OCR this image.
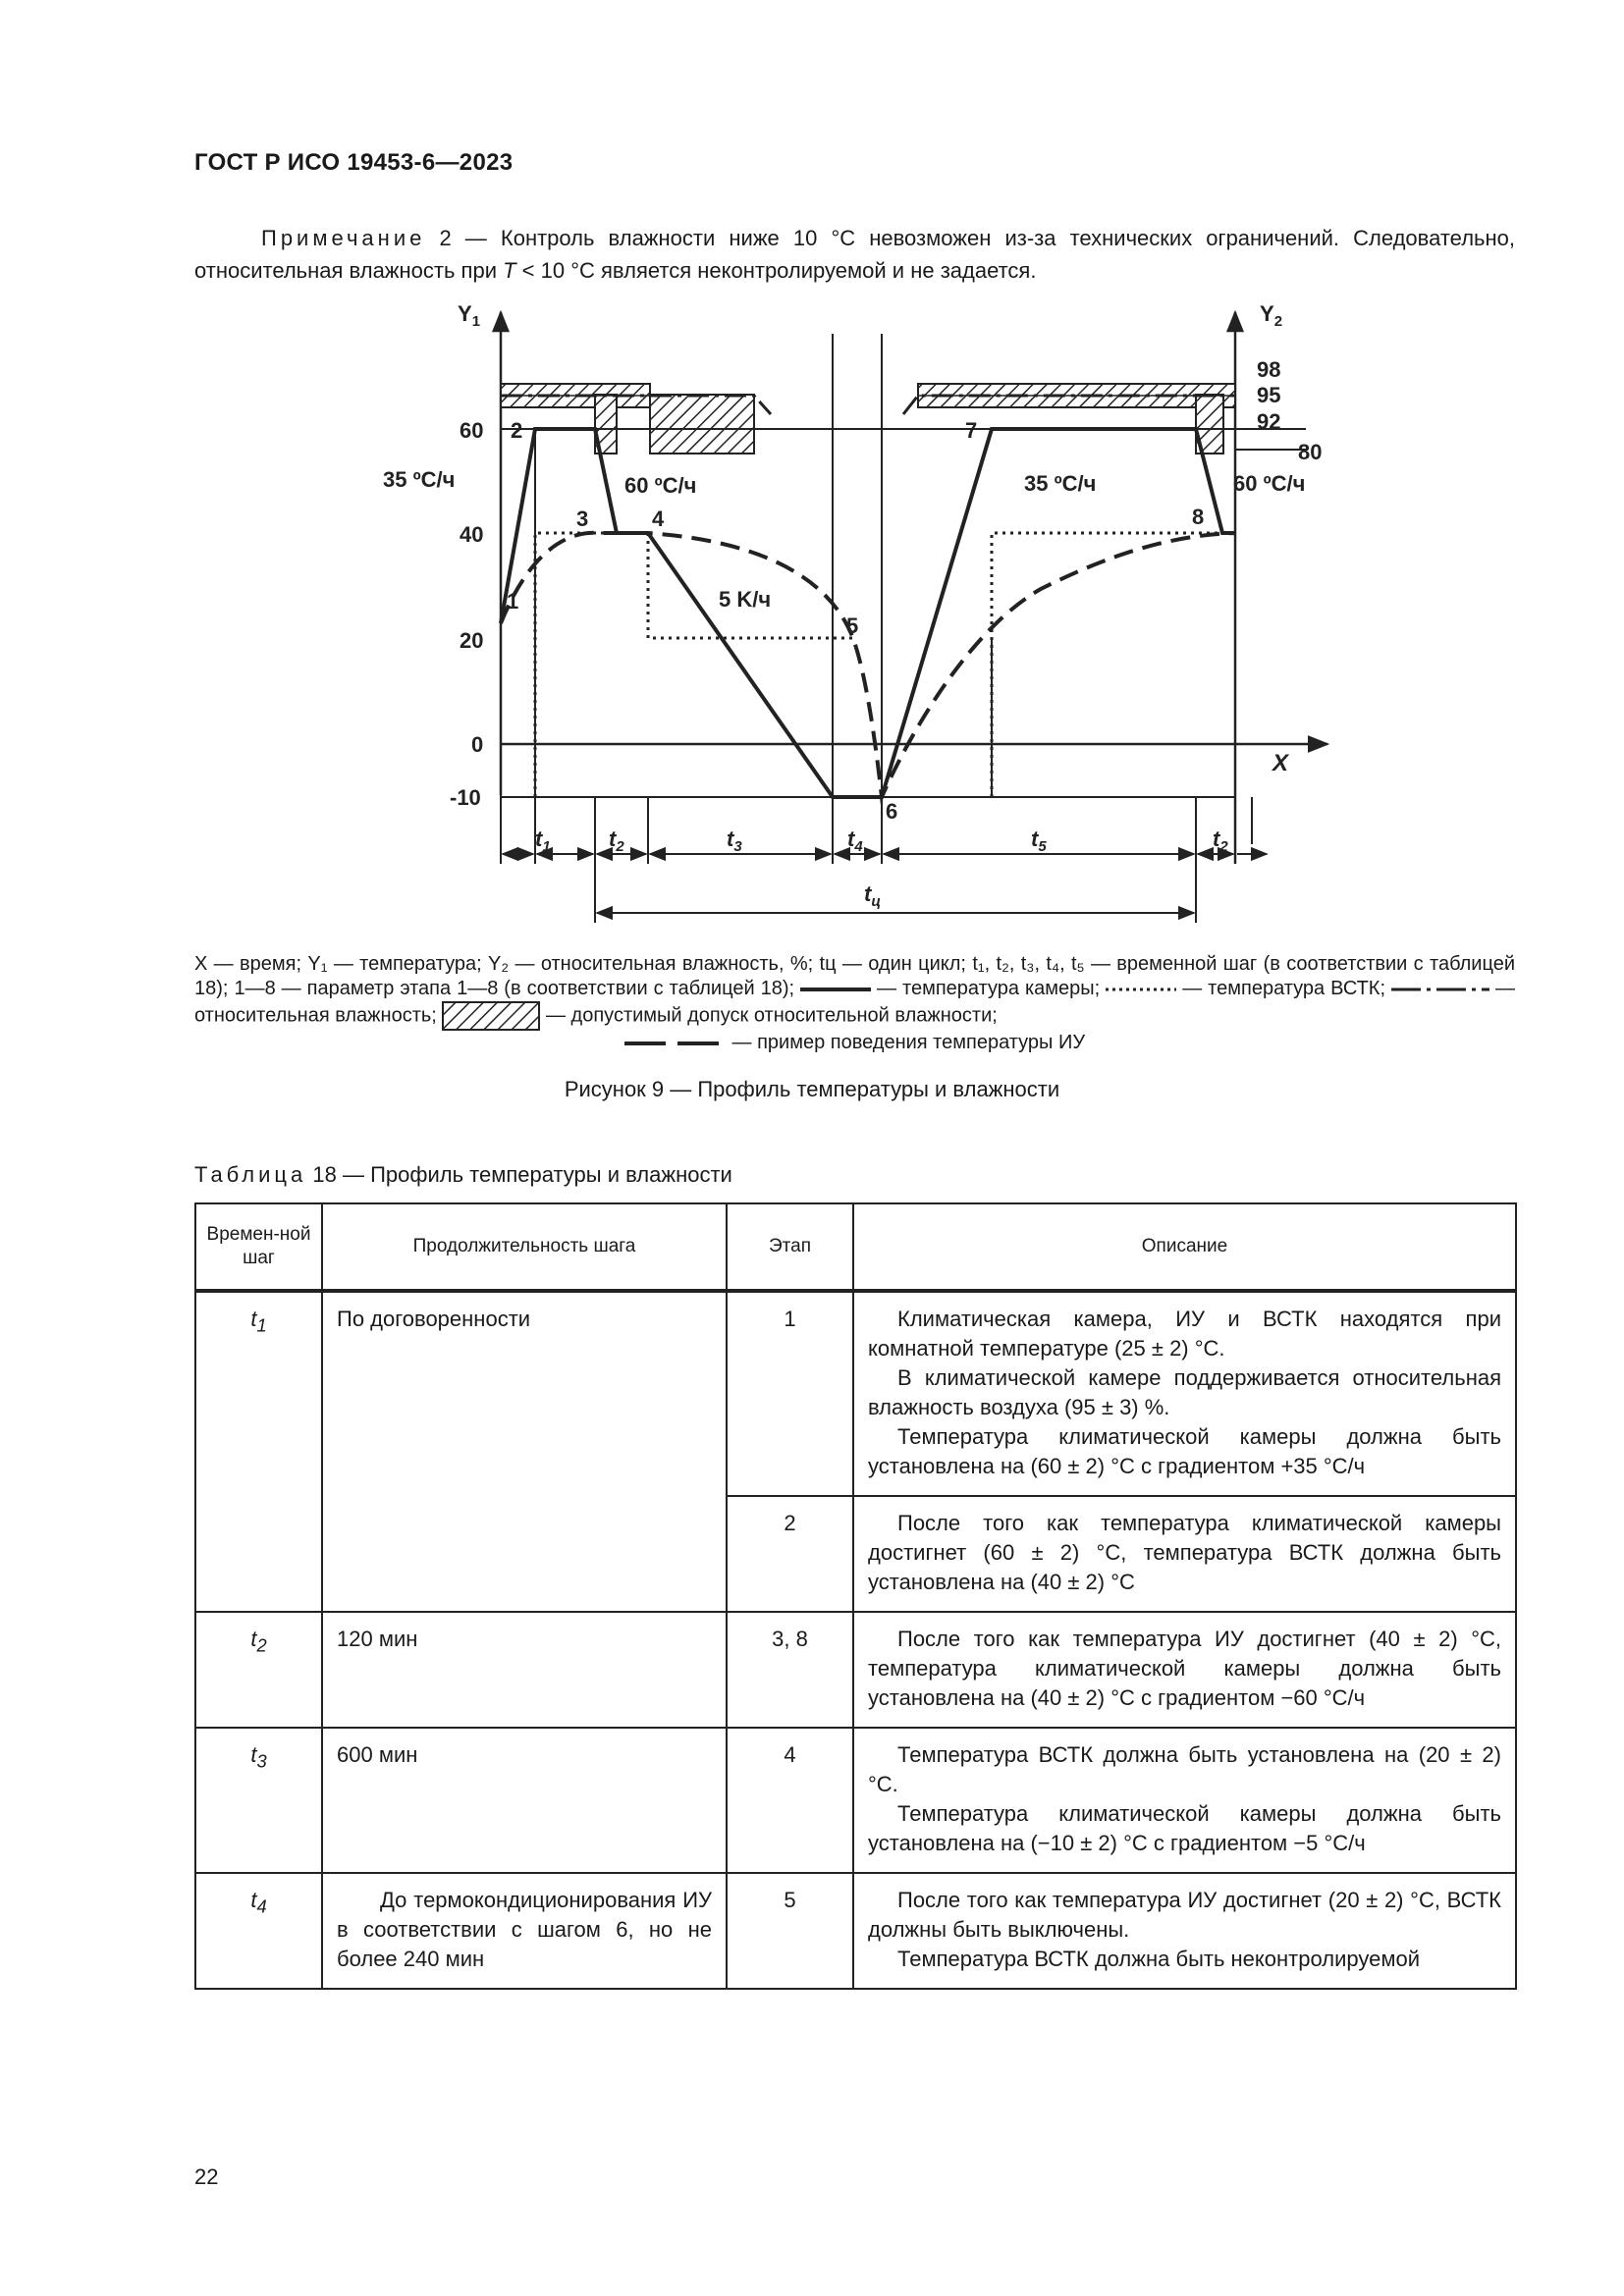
ГОСТ Р ИСО 19453-6—2023

Примечание 2 — Контроль влажности ниже 10 °C невозможен из-за технических ограничений. Следовательно, относительная влажность при T < 10 °C является неконтролируемой и не задается.

$Y_1$	$Y_2$
X
60
40
20
0
-10
98
95
92
80
35 ºС/ч	60 ºС/ч
5 K/ч
35 ºС/ч	60 ºС/ч
1
2
3	4
5
6
7
8
$t_1$	$t_2$	$t_3$	$t_4$	$t_5$	$t_2$
$t_ц$

X — время; Y₁ — температура; Y₂ — относительная влажность, %; tц — один цикл; t₁, t₂, t₃, t₄, t₅ — временной шаг (в соответствии с таблицей 18); 1—8 — параметр этапа 1—8 (в соответствии с таблицей 18);	— температура камеры;	— температура ВСТК;	— относительная влажность;	— допустимый допуск относительной влажности;

— пример поведения температуры ИУ

Рисунок 9 — Профиль температуры и влажности
Таблица 18 — Профиль температуры и влажности
Времен-ной шаг	Продолжительность шага	Этап	Описание
$t_1$	По договоренности	1	Климатическая камера, ИУ и ВСТК находятся при комнатной температуре (25 ± 2) °C.

В климатической камере поддерживается относительная влажность воздуха (95 ± 3) %.

Температура климатической камеры должна быть установлена на (60 ± 2) °C с градиентом +35 °C/ч

		2	После того как температура климатической камеры достигнет (60 ± 2) °C, температура ВСТК должна быть установлена на (40 ± 2) °C

$t_2$	120 мин	3, 8	После того как температура ИУ достигнет (40 ± 2) °C, температура климатической камеры должна быть установлена на (40 ± 2) °C с градиентом −60 °C/ч

$t_3$	600 мин	4	Температура ВСТК должна быть установлена на (20 ± 2) °C.

Температура климатической камеры должна быть установлена на (−10 ± 2) °C с градиентом −5 °C/ч

$t_4$	До термокондиционирования ИУ в соответствии с шагом 6, но не более 240 мин	5	После того как температура ИУ достигнет (20 ± 2) °C, ВСТК должны быть выключены.

Температура ВСТК должна быть неконтролируемой

22
